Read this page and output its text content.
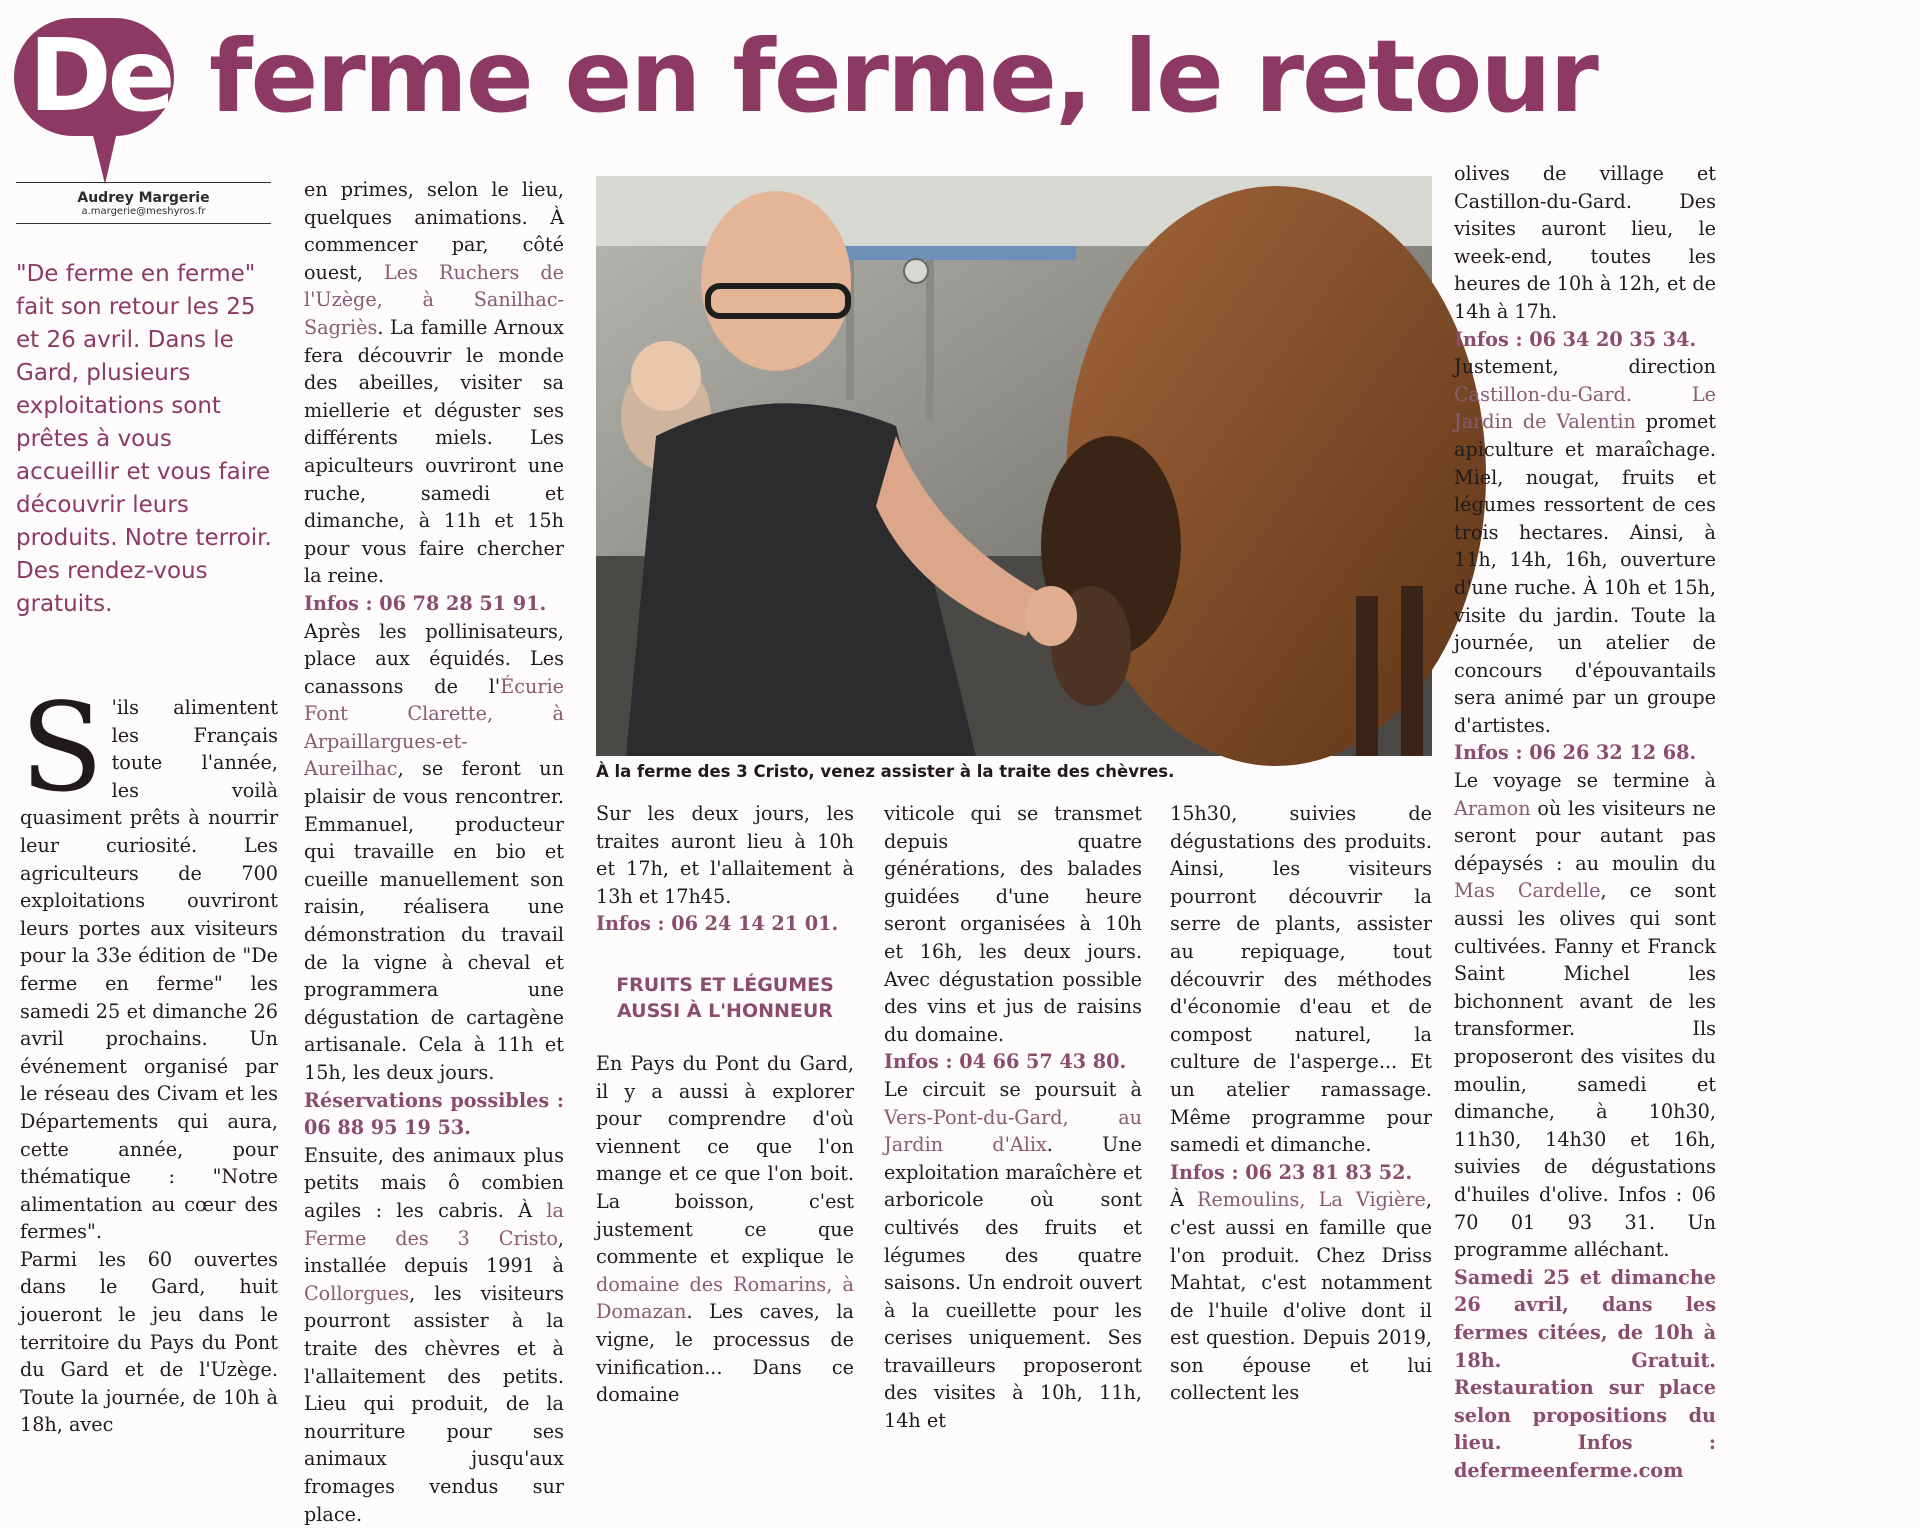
De ferme en ferme, le retour
Audrey Margerie
a.margerie@meshyros.fr
"De ferme en ferme" fait son retour les 25 et 26 avril. Dans le Gard, plusieurs exploitations sont prêtes à vous accueillir et vous faire découvrir leurs produits. Notre terroir. Des rendez-vous gratuits.

S 'ils alimentent les Français toute l'année, les voilà quasiment prêts à nourrir leur curiosité. Les agriculteurs de 700 exploitations ouvriront leurs portes aux visiteurs pour la 33e édition de "De ferme en ferme" les samedi 25 et dimanche 26 avril prochains. Un événement organisé par le réseau des Civam et les Départements qui aura, cette année, pour thématique : "Notre alimentation au cœur des fermes".

Parmi les 60 ouvertes dans le Gard, huit joueront le jeu dans le territoire du Pays du Pont du Gard et de l'Uzège. Toute la journée, de 10h à 18h, avec

en primes, selon le lieu, quelques animations. À commencer par, côté ouest, Les Ruchers de l'Uzège, à Sanilhac-Sagriès. La famille Arnoux fera découvrir le monde des abeilles, visiter sa miellerie et déguster ses différents miels. Les apiculteurs ouvriront une ruche, samedi et dimanche, à 11h et 15h pour vous faire chercher la reine.

Infos : 06 78 28 51 91.

Après les pollinisateurs, place aux équidés. Les canassons de l'Écurie Font Clarette, à Arpaillargues-et-Aureilhac, se feront un plaisir de vous rencontrer. Emmanuel, producteur qui travaille en bio et cueille manuellement son raisin, réalisera une démonstration du travail de la vigne à cheval et programmera une dégustation de cartagène artisanale. Cela à 11h et 15h, les deux jours.

Réservations possibles : 06 88 95 19 53.

Ensuite, des animaux plus petits mais ô combien agiles : les cabris. À la Ferme des 3 Cristo, installée depuis 1991 à Collorgues, les visiteurs pourront assister à la traite des chèvres et à l'allaitement des petits. Lieu qui produit, de la nourriture pour ses animaux jusqu'aux fromages vendus sur place.

À la ferme des 3 Cristo, venez assister à la traite des chèvres.

Sur les deux jours, les traites auront lieu à 10h et 17h, et l'allaitement à 13h et 17h45.

Infos : 06 24 14 21 01.

FRUITS ET LÉGUMES AUSSI À L'HONNEUR

En Pays du Pont du Gard, il y a aussi à explorer pour comprendre d'où viennent ce que l'on mange et ce que l'on boit. La boisson, c'est justement ce que commente et explique le domaine des Romarins, à Domazan. Les caves, la vigne, le processus de vinification... Dans ce domaine

viticole qui se transmet depuis quatre générations, des balades guidées d'une heure seront organisées à 10h et 16h, les deux jours. Avec dégustation possible des vins et jus de raisins du domaine.

Infos : 04 66 57 43 80.

Le circuit se poursuit à Vers-Pont-du-Gard, au Jardin d'Alix. Une exploitation maraîchère et arboricole où sont cultivés des fruits et légumes des quatre saisons. Un endroit ouvert à la cueillette pour les cerises uniquement. Ses travailleurs proposeront des visites à 10h, 11h, 14h et

15h30, suivies de dégustations des produits. Ainsi, les visiteurs pourront découvrir la serre de plants, assister au repiquage, tout découvrir des méthodes d'économie d'eau et de compost naturel, la culture de l'asperge... Et un atelier ramassage. Même programme pour samedi et dimanche.

Infos : 06 23 81 83 52.

À Remoulins, La Vigière, c'est aussi en famille que l'on produit. Chez Driss Mahtat, c'est notamment de l'huile d'olive dont il est question. Depuis 2019, son épouse et lui collectent les

olives de village et Castillon-du-Gard. Des visites auront lieu, le week-end, toutes les heures de 10h à 12h, et de 14h à 17h.

Infos : 06 34 20 35 34.

Justement, direction Castillon-du-Gard. Le Jardin de Valentin promet apiculture et maraîchage. Miel, nougat, fruits et légumes ressortent de ces trois hectares. Ainsi, à 11h, 14h, 16h, ouverture d'une ruche. À 10h et 15h, visite du jardin. Toute la journée, un atelier de concours d'épouvantails sera animé par un groupe d'artistes.

Infos : 06 26 32 12 68.

Le voyage se termine à Aramon où les visiteurs ne seront pour autant pas dépaysés : au moulin du Mas Cardelle, ce sont aussi les olives qui sont cultivées. Fanny et Franck Saint Michel les bichonnent avant de les transformer. Ils proposeront des visites du moulin, samedi et dimanche, à 10h30, 11h30, 14h30 et 16h, suivies de dégustations d'huiles d'olive. Infos : 06 70 01 93 31. Un programme alléchant.

Samedi 25 et dimanche 26 avril, dans les fermes citées, de 10h à 18h. Gratuit. Restauration sur place selon propositions du lieu. Infos : defermeenferme.com
